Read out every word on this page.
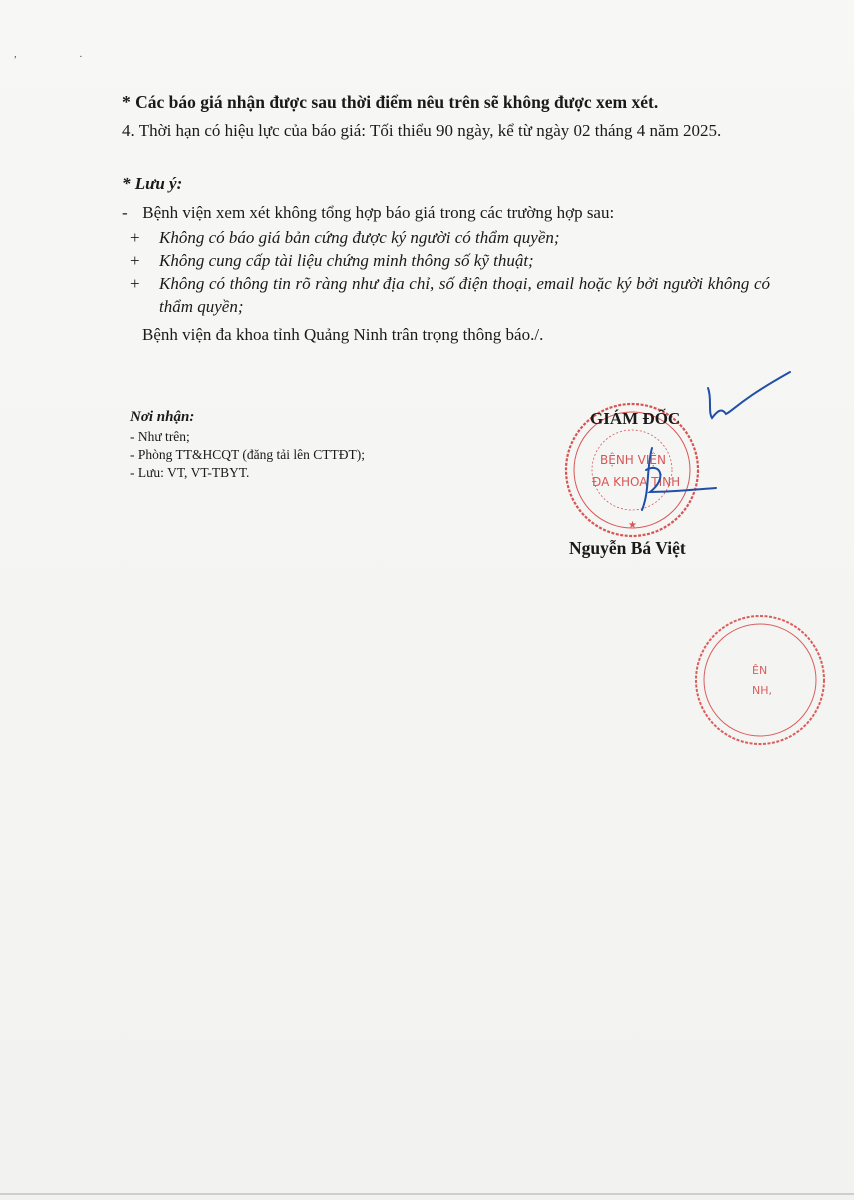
, .
* Các báo giá nhận được sau thời điểm nêu trên sẽ không được xem xét.
4. Thời hạn có hiệu lực của báo giá: Tối thiểu 90 ngày, kể từ ngày 02 tháng 4 năm 2025.
* Lưu ý:
- Bệnh viện xem xét không tổng hợp báo giá trong các trường hợp sau:
+	Không có báo giá bản cứng được ký người có thẩm quyền;
+	Không cung cấp tài liệu chứng minh thông số kỹ thuật;
+	Không có thông tin rõ ràng như địa chỉ, số điện thoại, email hoặc ký bởi người không có thẩm quyền;
Bệnh viện đa khoa tỉnh Quảng Ninh trân trọng thông báo./.
Nơi nhận:
- Như trên;
- Phòng TT&HCQT (đăng tải lên CTTĐT);
- Lưu: VT, VT-TBYT.
BỆNH VIỆN
ĐA KHOA TỈNH
★
ÊN
NH,
GIÁM ĐỐC
Nguyễn Bá Việt
